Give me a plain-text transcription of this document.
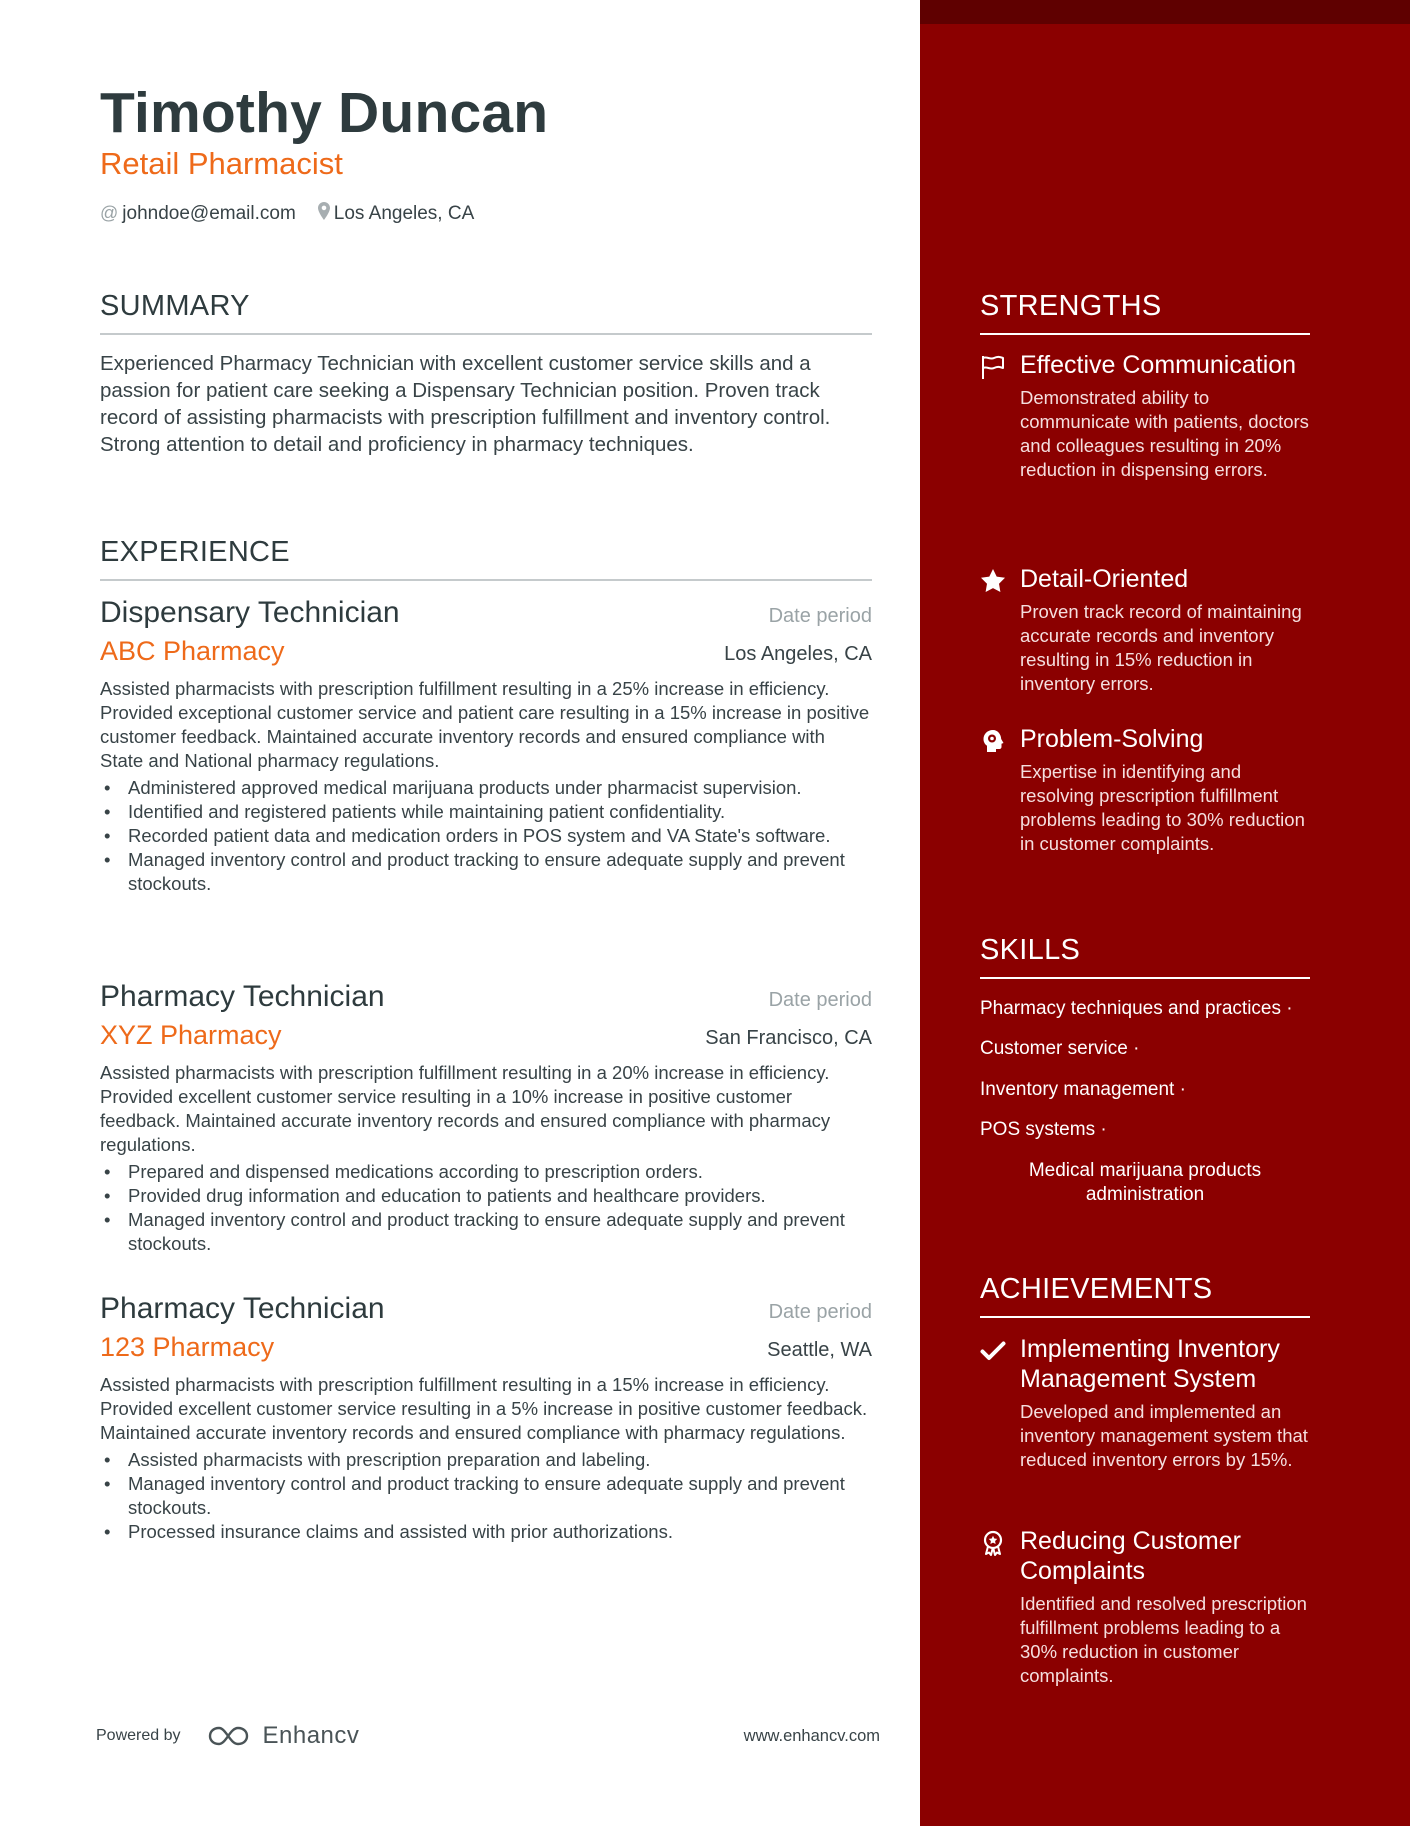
Timothy Duncan
Retail Pharmacist
@ johndoe@email.com Los Angeles, CA
SUMMARY
Experienced Pharmacy Technician with excellent customer service skills and a passion for patient care seeking a Dispensary Technician position. Proven track record of assisting pharmacists with prescription fulfillment and inventory control. Strong attention to detail and proficiency in pharmacy techniques.
EXPERIENCE
Dispensary Technician	Date period
ABC Pharmacy	Los Angeles, CA
Assisted pharmacists with prescription fulfillment resulting in a 25% increase in efficiency. Provided exceptional customer service and patient care resulting in a 15% increase in positive customer feedback. Maintained accurate inventory records and ensured compliance with State and National pharmacy regulations.
• Administered approved medical marijuana products under pharmacist supervision.
• Identified and registered patients while maintaining patient confidentiality.
• Recorded patient data and medication orders in POS system and VA State's software.
• Managed inventory control and product tracking to ensure adequate supply and prevent stockouts.
Pharmacy Technician	Date period
XYZ Pharmacy	San Francisco, CA
Assisted pharmacists with prescription fulfillment resulting in a 20% increase in efficiency. Provided excellent customer service resulting in a 10% increase in positive customer feedback. Maintained accurate inventory records and ensured compliance with pharmacy regulations.
• Prepared and dispensed medications according to prescription orders.
• Provided drug information and education to patients and healthcare providers.
• Managed inventory control and product tracking to ensure adequate supply and prevent stockouts.
Pharmacy Technician	Date period
123 Pharmacy	Seattle, WA
Assisted pharmacists with prescription fulfillment resulting in a 15% increase in efficiency. Provided excellent customer service resulting in a 5% increase in positive customer feedback. Maintained accurate inventory records and ensured compliance with pharmacy regulations.
• Assisted pharmacists with prescription preparation and labeling.
• Managed inventory control and product tracking to ensure adequate supply and prevent stockouts.
• Processed insurance claims and assisted with prior authorizations.
Powered by	Enhancv	www.enhancv.com
STRENGTHS
Effective Communication
Demonstrated ability to communicate with patients, doctors and colleagues resulting in 20% reduction in dispensing errors.
Detail-Oriented
Proven track record of maintaining accurate records and inventory resulting in 15% reduction in inventory errors.
Problem-Solving
Expertise in identifying and resolving prescription fulfillment problems leading to 30% reduction in customer complaints.
SKILLS
Pharmacy techniques and practices ·
Customer service ·
Inventory management ·
POS systems ·
Medical marijuana products administration
ACHIEVEMENTS
Implementing Inventory Management System
Developed and implemented an inventory management system that reduced inventory errors by 15%.
Reducing Customer Complaints
Identified and resolved prescription fulfillment problems leading to a 30% reduction in customer complaints.
